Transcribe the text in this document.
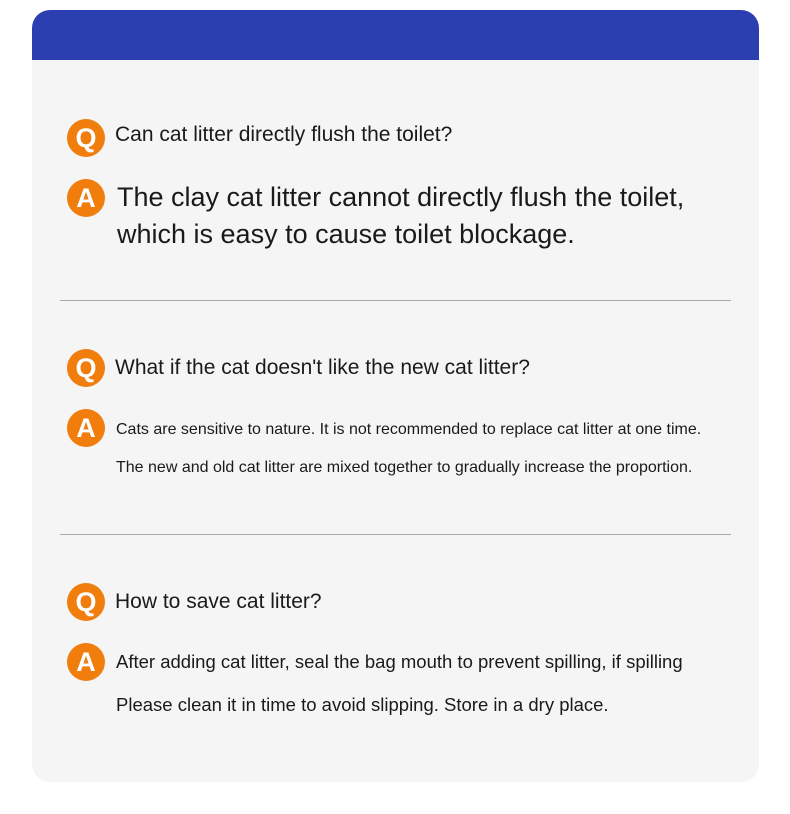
Q Can cat litter directly flush the toilet?
A The clay cat litter cannot directly flush the toilet,
which is easy to cause toilet blockage.
Q What if the cat doesn't like the new cat litter?
A	Cats are sensitive to nature. It is not recommended to replace cat litter at one time.
The new and old cat litter are mixed together to gradually increase the proportion.
Q How to save cat litter?
A	After adding cat litter, seal the bag mouth to prevent spilling, if spilling
Please clean it in time to avoid slipping. Store in a dry place.
